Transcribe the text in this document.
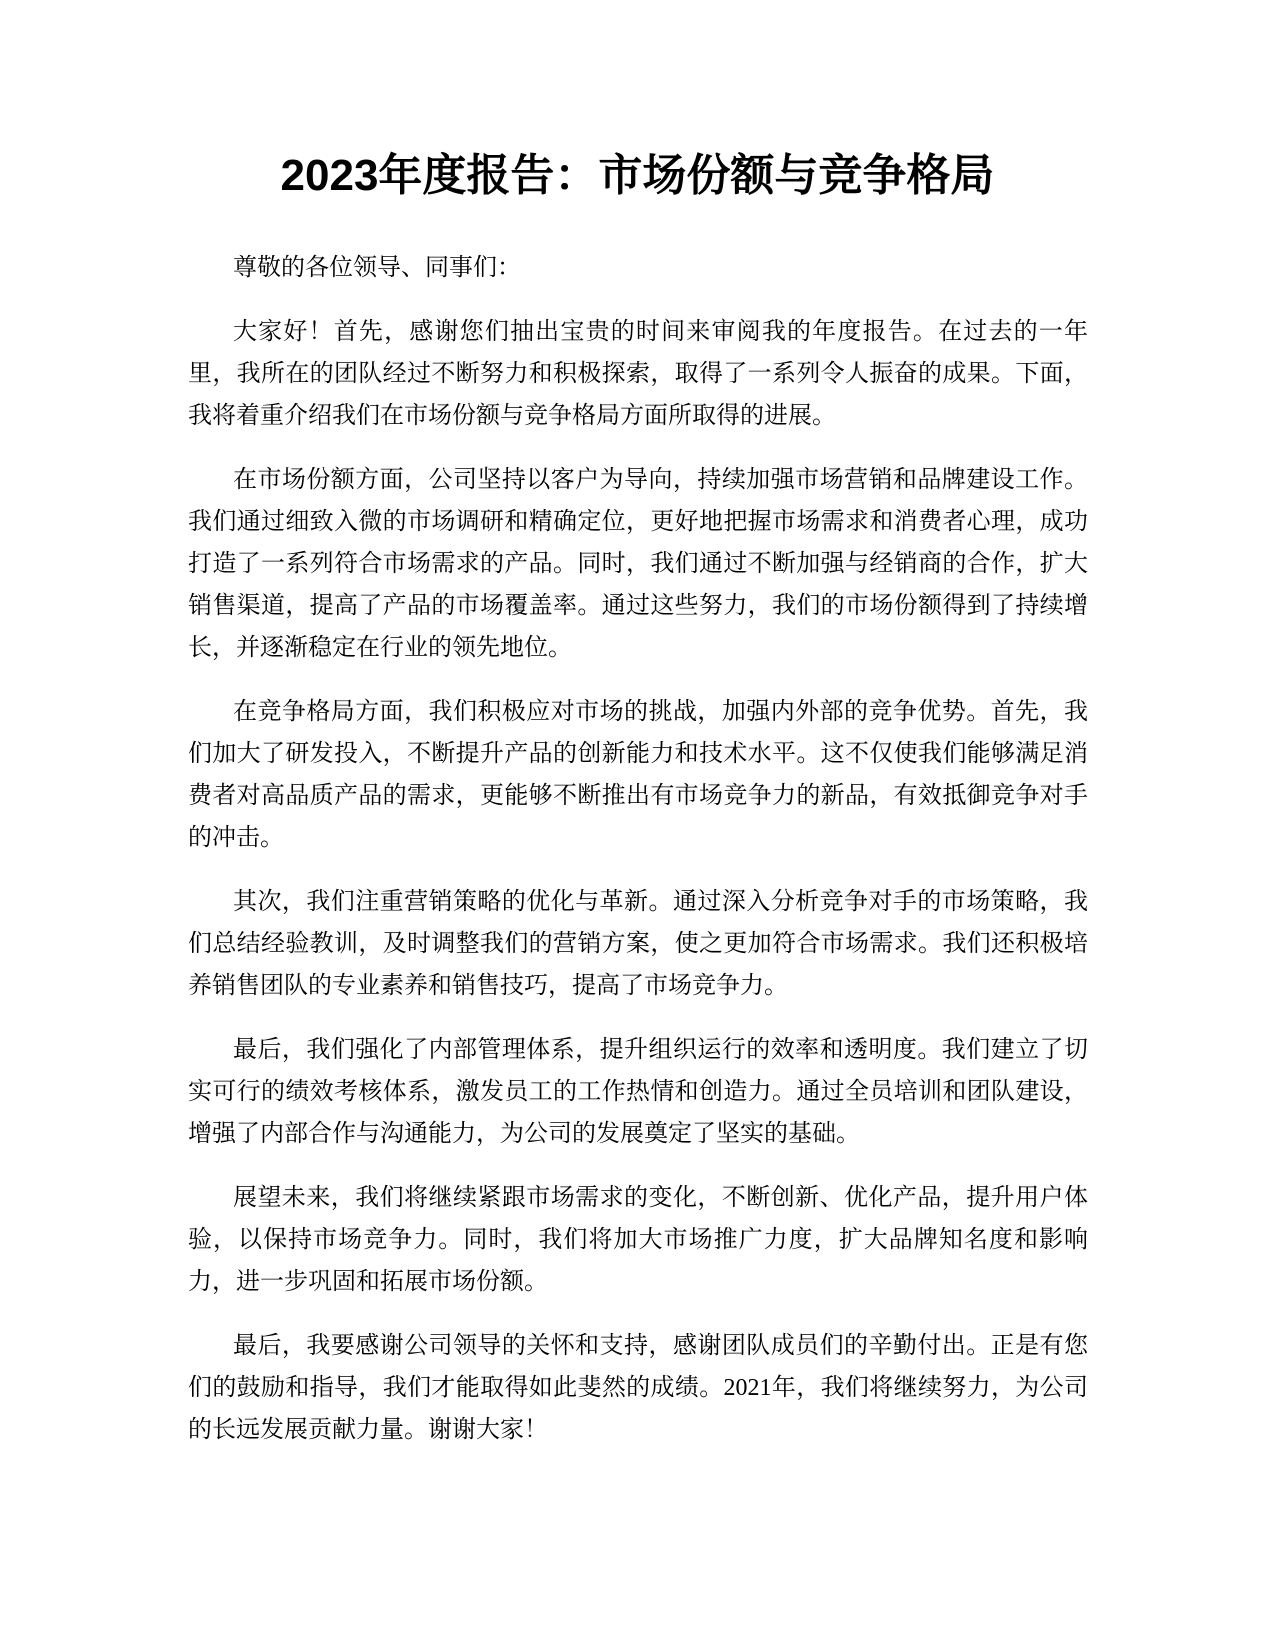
2023年度报告：市场份额与竞争格局

尊敬的各位领导、同事们：

大家好！首先，感谢您们抽出宝贵的时间来审阅我的年度报告。在过去的一年里，我所在的团队经过不断努力和积极探索，取得了一系列令人振奋的成果。下面，我将着重介绍我们在市场份额与竞争格局方面所取得的进展。

在市场份额方面，公司坚持以客户为导向，持续加强市场营销和品牌建设工作。我们通过细致入微的市场调研和精确定位，更好地把握市场需求和消费者心理，成功打造了一系列符合市场需求的产品。同时，我们通过不断加强与经销商的合作，扩大销售渠道，提高了产品的市场覆盖率。通过这些努力，我们的市场份额得到了持续增长，并逐渐稳定在行业的领先地位。

在竞争格局方面，我们积极应对市场的挑战，加强内外部的竞争优势。首先，我们加大了研发投入，不断提升产品的创新能力和技术水平。这不仅使我们能够满足消费者对高品质产品的需求，更能够不断推出有市场竞争力的新品，有效抵御竞争对手的冲击。

其次，我们注重营销策略的优化与革新。通过深入分析竞争对手的市场策略，我们总结经验教训，及时调整我们的营销方案，使之更加符合市场需求。我们还积极培养销售团队的专业素养和销售技巧，提高了市场竞争力。

最后，我们强化了内部管理体系，提升组织运行的效率和透明度。我们建立了切实可行的绩效考核体系，激发员工的工作热情和创造力。通过全员培训和团队建设，增强了内部合作与沟通能力，为公司的发展奠定了坚实的基础。

展望未来，我们将继续紧跟市场需求的变化，不断创新、优化产品，提升用户体验，以保持市场竞争力。同时，我们将加大市场推广力度，扩大品牌知名度和影响力，进一步巩固和拓展市场份额。

最后，我要感谢公司领导的关怀和支持，感谢团队成员们的辛勤付出。正是有您们的鼓励和指导，我们才能取得如此斐然的成绩。2021年，我们将继续努力，为公司的长远发展贡献力量。谢谢大家！
